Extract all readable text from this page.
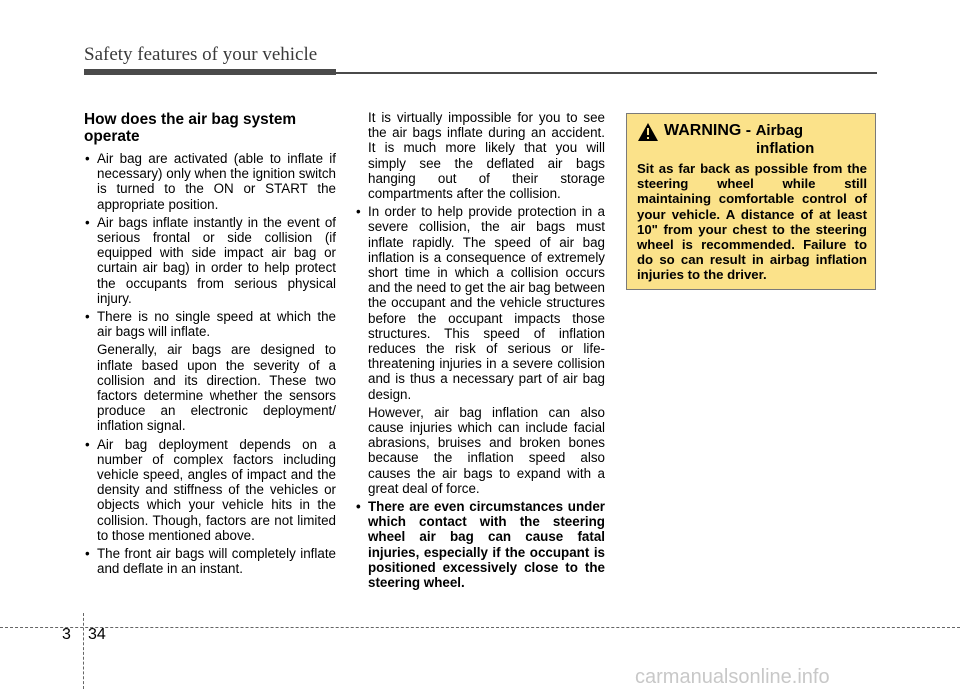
Safety features of your vehicle
How does the air bag system operate
• Air bag are activated (able to inflate if necessary) only when the ignition switch is turned to the ON or START the appropriate position.
• Air bags inflate instantly in the event of serious frontal or side collision (if equipped with side impact air bag or curtain air bag) in order to help protect the occupants from serious physical injury.
• There is no single speed at which the air bags will inflate.

Generally, air bags are designed to inflate based upon the severity of a collision and its direction. These two factors determine whether the sensors produce an electronic deployment/ inflation signal.

• Air bag deployment depends on a number of complex factors including vehicle speed, angles of impact and the density and stiffness of the vehicles or objects which your vehicle hits in the collision. Though, factors are not limited to those mentioned above.
• The front air bags will completely inflate and deflate in an instant.

It is virtually impossible for you to see the air bags inflate during an accident. It is much more likely that you will simply see the deflated air bags hanging out of their storage compartments after the collision.

• In order to help provide protection in a severe collision, the air bags must inflate rapidly. The speed of air bag inflation is a consequence of extremely short time in which a collision occurs and the need to get the air bag between the occupant and the vehicle structures before the occupant impacts those structures. This speed of inflation reduces the risk of serious or life-threatening injuries in a severe collision and is thus a necessary part of air bag design.

However, air bag inflation can also cause injuries which can include facial abrasions, bruises and broken bones because the inflation speed also causes the air bags to expand with a great deal of force.

• There are even circumstances under which contact with the steering wheel air bag can cause fatal injuries, especially if the occupant is positioned excessively close to the steering wheel.
WARNING - Airbag
inflation
Sit as far back as possible from the steering wheel while still maintaining comfortable control of your vehicle. A distance of at least 10" from your chest to the steering wheel is recommended. Failure to do so can result in airbag inflation injuries to the driver.
3 34
carmanualsonline.info
